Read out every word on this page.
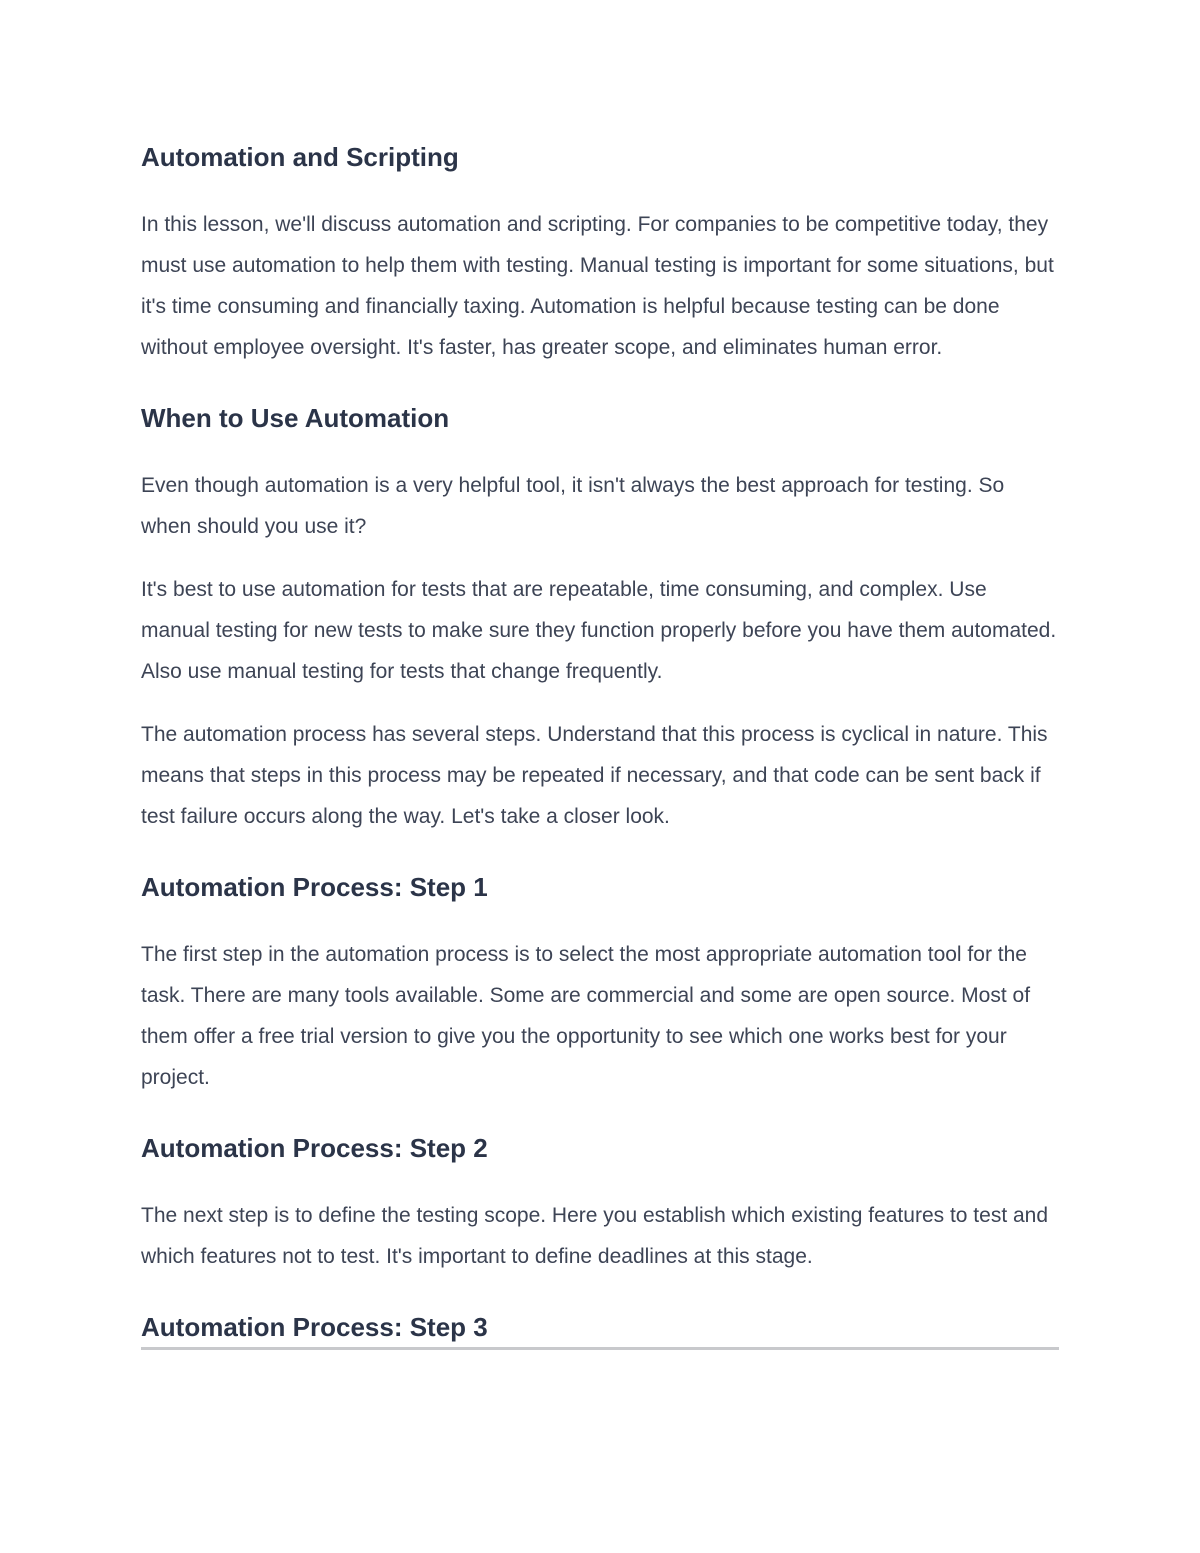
Automation and Scripting

In this lesson, we'll discuss automation and scripting. For companies to be competitive today, they must use automation to help them with testing. Manual testing is important for some situations, but it's time consuming and financially taxing. Automation is helpful because testing can be done without employee oversight. It's faster, has greater scope, and eliminates human error.

When to Use Automation

Even though automation is a very helpful tool, it isn't always the best approach for testing. So when should you use it?

It's best to use automation for tests that are repeatable, time consuming, and complex. Use manual testing for new tests to make sure they function properly before you have them automated. Also use manual testing for tests that change frequently.

The automation process has several steps. Understand that this process is cyclical in nature. This means that steps in this process may be repeated if necessary, and that code can be sent back if test failure occurs along the way. Let's take a closer look.

Automation Process: Step 1

The first step in the automation process is to select the most appropriate automation tool for the task. There are many tools available. Some are commercial and some are open source. Most of them offer a free trial version to give you the opportunity to see which one works best for your project.

Automation Process: Step 2

The next step is to define the testing scope. Here you establish which existing features to test and which features not to test. It's important to define deadlines at this stage.

Automation Process: Step 3
